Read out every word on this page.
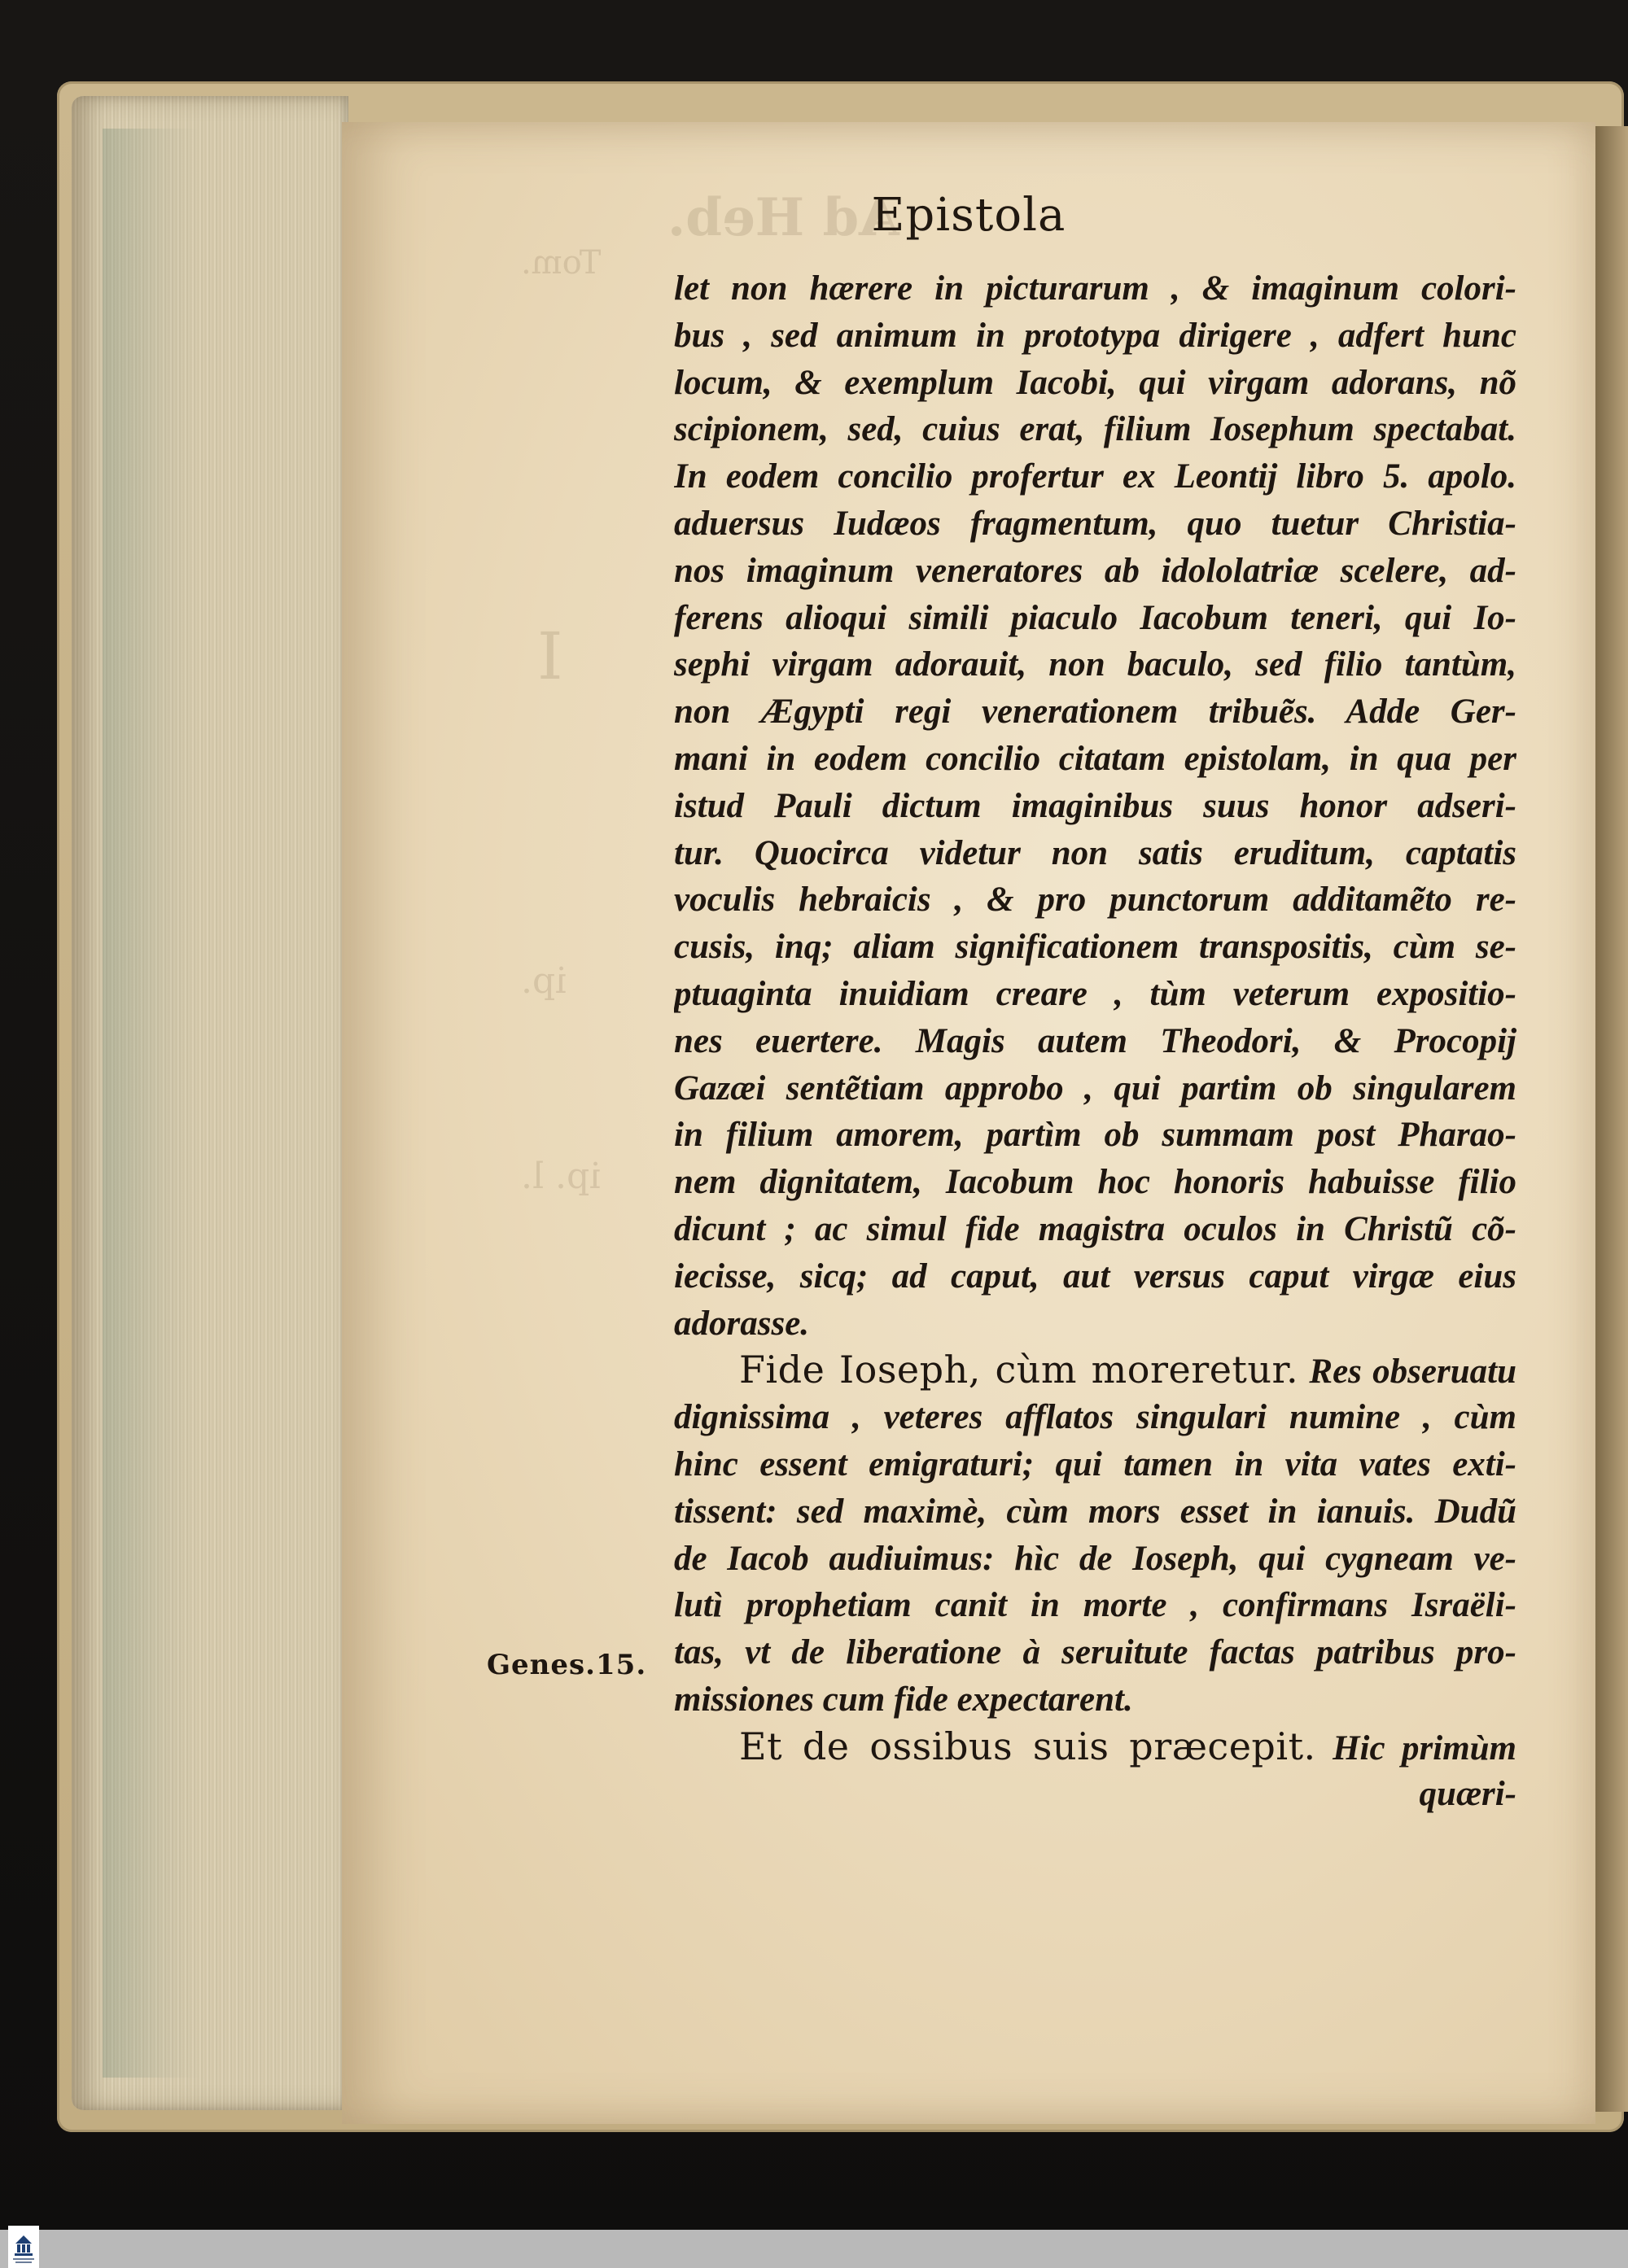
Epistola
Genes.15.
let non hærere in picturarum , & imaginum colori-
bus , sed animum in prototypa dirigere , adfert hunc
locum, & exemplum Iacobi, qui virgam adorans, nõ
scipionem, sed, cuius erat, filium Iosephum spectabat.
In eodem concilio profertur ex Leontij libro 5. apolo.
aduersus Iudæos fragmentum, quo tuetur Christia-
nos imaginum veneratores ab idololatriæ scelere, ad-
ferens alioqui simili piaculo Iacobum teneri, qui Io-
sephi virgam adorauit, non baculo, sed filio tantùm,
non Ægypti regi venerationem tribuẽs. Adde Ger-
mani in eodem concilio citatam epistolam, in qua per
istud Pauli dictum imaginibus suus honor adseri-
tur. Quocirca videtur non satis eruditum, captatis
voculis hebraicis , & pro punctorum additamẽto re-
cusis, inq; aliam significationem transpositis, cùm se-
ptuaginta inuidiam creare , tùm veterum expositio-
nes euertere. Magis autem Theodori, & Procopij
Gazæi sentẽtiam approbo , qui partim ob singularem
in filium amorem, partìm ob summam post Pharao-
nem dignitatem, Iacobum hoc honoris habuisse filio
dicunt ; ac simul fide magistra oculos in Christũ cõ-
iecisse, sicq; ad caput, aut versus caput virgæ eius
adorasse.
Fide Ioseph, cùm moreretur. Res obseruatu
dignissima , veteres afflatos singulari numine , cùm
hinc essent emigraturi; qui tamen in vita vates exti-
tissent: sed maximè, cùm mors esset in ianuis. Dudũ
de Iacob audiuimus: hìc de Ioseph, qui cygneam ve-
lutì prophetiam canit in morte , confirmans Israëli-
tas, vt de liberatione à seruitute factas patribus pro-
missiones cum fide expectarent.
Et de ossibus suis præcepit. Hic primùm
quæri-
